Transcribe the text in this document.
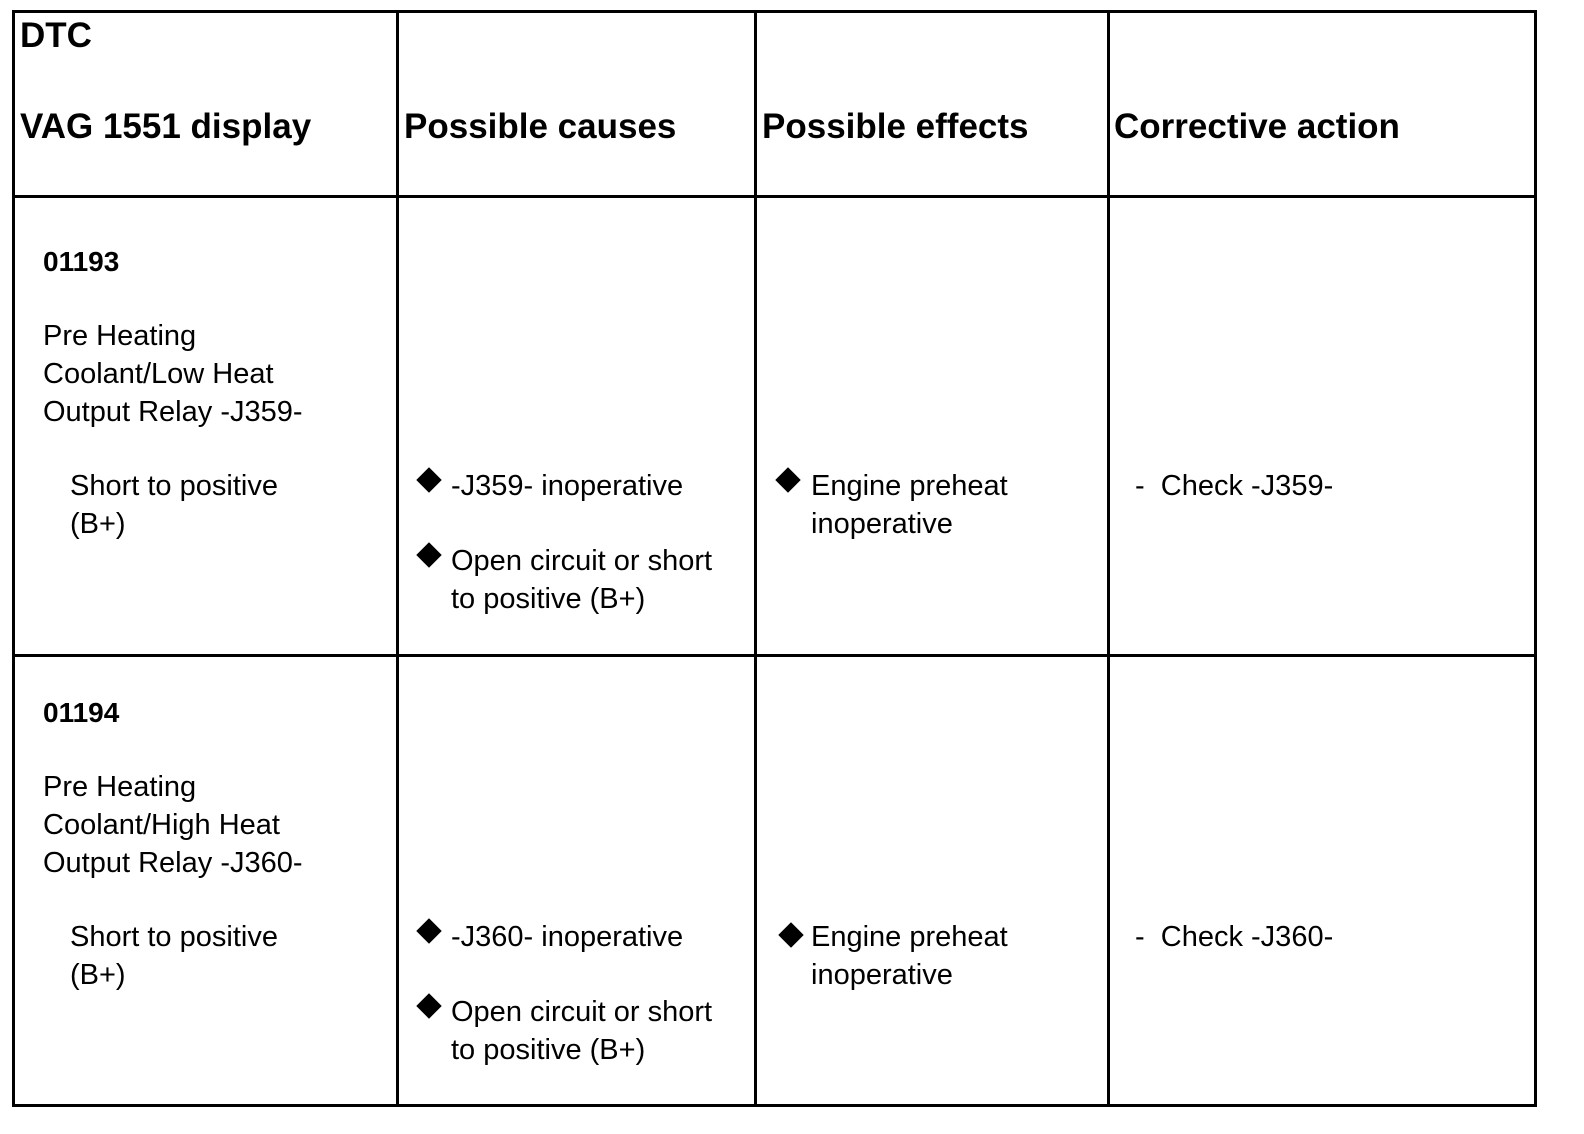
DTC
VAG 1551 display	Possible causes Possible effects Corrective action
01193
Pre Heating
Coolant/Low Heat
Output Relay -J359-
Short to positive
(B+)
-J359- inoperative
Open circuit or short
to positive (B+)
Engine preheat
inoperative
-  Check -J359-
01194
Pre Heating
Coolant/High Heat
Output Relay -J360-
Short to positive
(B+)
-J360- inoperative
Open circuit or short
to positive (B+)
Engine preheat
inoperative
-  Check -J360-
